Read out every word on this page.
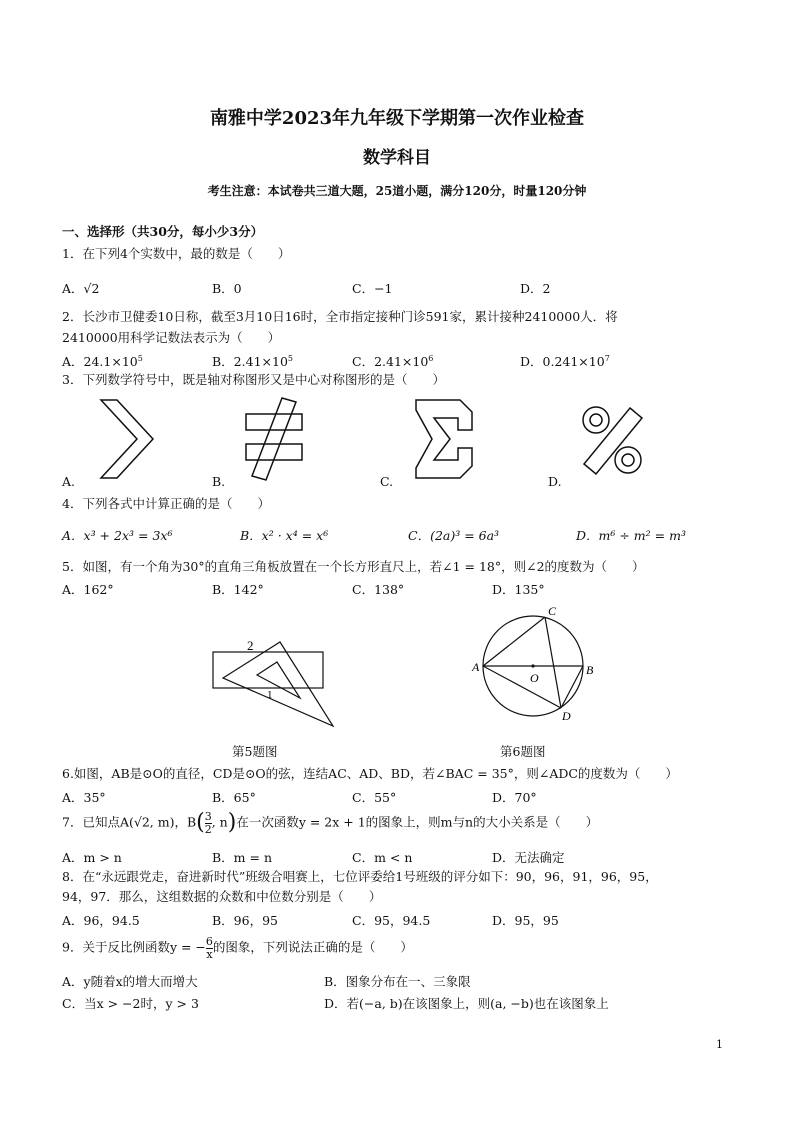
南雅中学2023年九年级下学期第一次作业检查
数学科目
考生注意：本试卷共三道大题，25道小题，满分120分，时量120分钟
一、选择形（共30分，每小少3分）
1．在下列4个实数中，最的数是（　　）
A．√2	B．0	C．−1	D．2
2．长沙市卫健委10日称，截至3月10日16时，全市指定接种门诊591家，累计接种2410000人．将
2410000用科学记数法表示为（　　）
A．$24.1\times 10^5$	B．$2.41\times 10^5$	C．$2.41\times 10^6$	D．$0.241\times 10^7$
3．下列数学符号中，既是轴对称图形又是中心对称图形的是（　　）
A.	B.	C.	D.
4．下列各式中计算正确的是（　　）
A．x³ + 2x³ = 3x⁶	B．x² · x⁴ = x⁶	C．(2a)³ = 6a³	D．m⁶ ÷ m² = m³
5．如图，有一个角为30°的直角三角板放置在一个长方形直尺上，若∠1 = 18°，则∠2的度数为（　　）
A．162°	B．142°	C．138°	D．135°
2
1
第5题图
A	B
C
D
O
第6题图
6.如图，AB是⊙O的直径，CD是⊙O的弦，连结AC、AD、BD，若∠BAC = 35°，则∠ADC的度数为（　　）
A．35°	B．65°	C．55°	D．70°
7．已知点A(√2, m)，$B( \frac{3}{2}$ , n)在一次函数y = 2x + 1的图象上，则m与n的大小关系是（　　）
A．m > n	B．m = n	C．m < n	D．无法确定
8．在“永远跟党走，奋进新时代”班级合唱赛上，七位评委给1号班级的评分如下：90，96，91，96，95，
94，97．那么，这组数据的众数和中位数分别是（　　）
A．96，94.5	B．96，95	C．95，94.5	D．95，95
9．关于反比例函数y = − $\frac{6}{x}$ 的图象，下列说法正确的是（　　）
A．y随着x的增大而增大	B．图象分布在一、三象限
C．当x > −2时，y > 3	D．若(−a, b)在该图象上，则(a, −b)也在该图象上
1
